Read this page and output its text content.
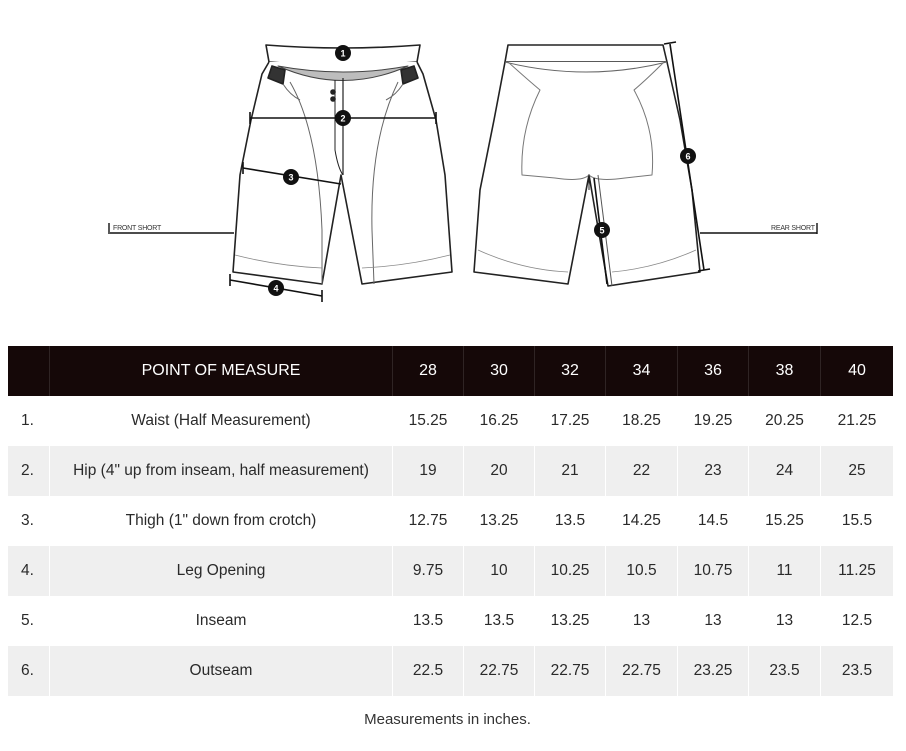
FRONT SHORT	REAR SHORT
1
2
3
4
5
6
	POINT OF MEASURE	28	30	32	34	36	38	40
1.	Waist (Half Measurement)	15.25	16.25	17.25	18.25	19.25	20.25	21.25
2.	Hip (4" up from inseam, half measurement)	19	20	21	22	23	24	25
3.	Thigh (1" down from crotch)	12.75	13.25	13.5	14.25	14.5	15.25	15.5
4.	Leg Opening	9.75	10	10.25	10.5	10.75	11	11.25
5.	Inseam	13.5	13.5	13.25	13	13	13	12.5
6.	Outseam	22.5	22.75	22.75	22.75	23.25	23.5	23.5
Measurements in inches.
